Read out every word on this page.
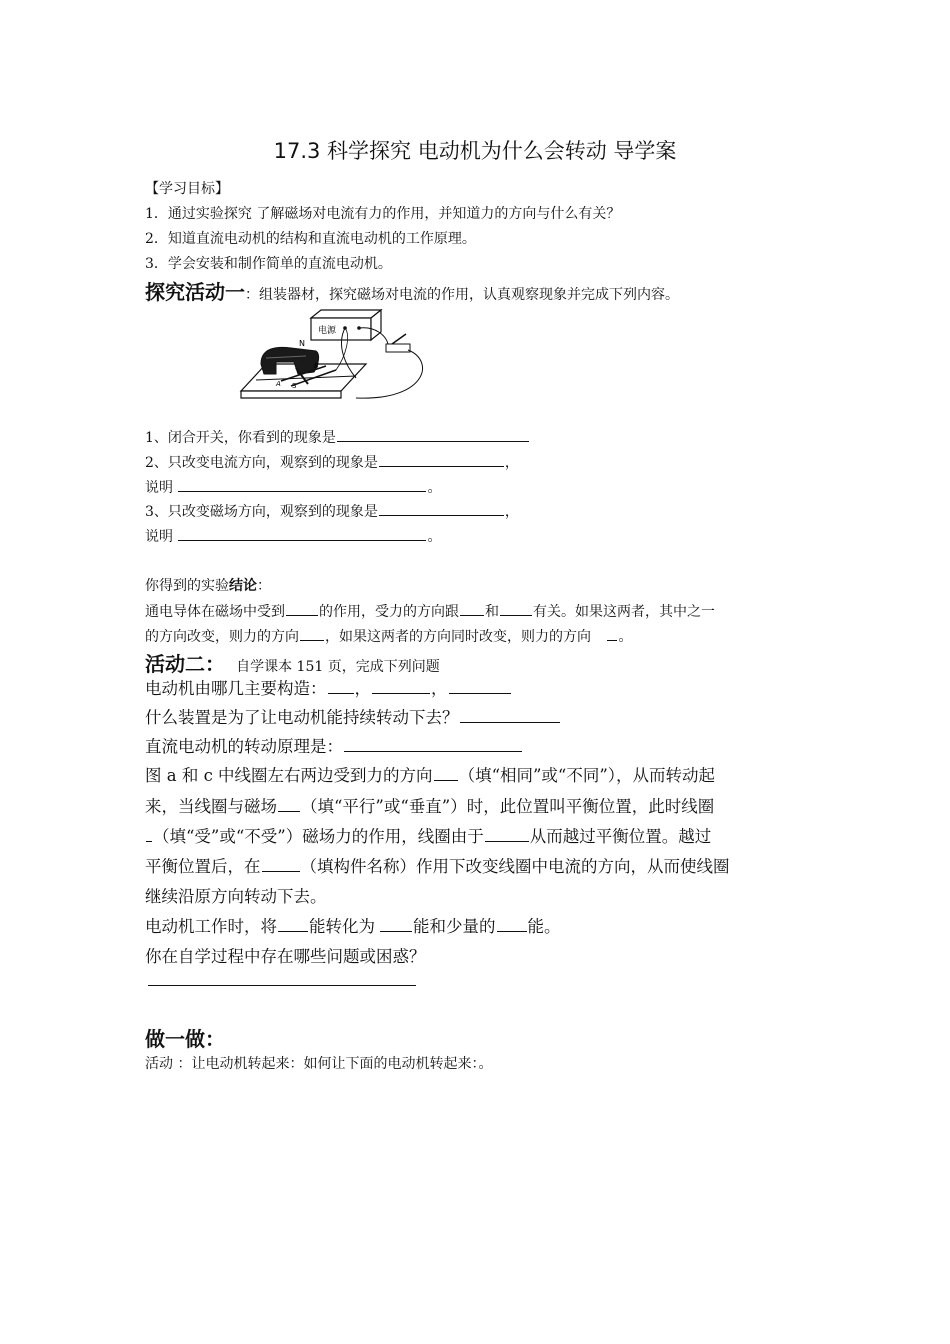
17.3 科学探究 电动机为什么会转动 导学案
【学习目标】
1．通过实验探究 了解磁场对电流有力的作用，并知道力的方向与什么有关？
2．知道直流电动机的结构和直流电动机的工作原理。
3．学会安装和制作简单的直流电动机。
探究活动一：组装器材，探究磁场对电流的作用，认真观察现象并完成下列内容。
电源
N
S
A
B
1、闭合开关，你看到的现象是
2、只改变电流方向，观察到的现象是	，
说明	。
3、只改变磁场方向，观察到的现象是	，
说明	。
你得到的实验结论：
通电导体在磁场中受到 的作用，受力的方向跟 和 有关。如果这两者，其中之一
的方向改变，则力的方向 ，如果这两者的方向同时改变，则力的方向 。
活动二： 自学课本 151 页，完成下列问题
电动机由哪几主要构造： ，	，
什么装置是为了让电动机能持续转动下去？
直流电动机的转动原理是：
图 a 和 c 中线圈左右两边受到力的方向 （填“相同”或“不同”），从而转动起
来，当线圈与磁场 （填“平行”或“垂直”）时，此位置叫平衡位置，此时线圈
（填“受”或“不受”）磁场力的作用，线圈由于	从而越过平衡位置。越过
平衡位置后，在 （填构件名称）作用下改变线圈中电流的方向，从而使线圈
继续沿原方向转动下去。
电动机工作时，将 能转化为 能和少量的 能。
你在自学过程中存在哪些问题或困惑？
做一做：
活动 ：让电动机转起来：如何让下面的电动机转起来：。
